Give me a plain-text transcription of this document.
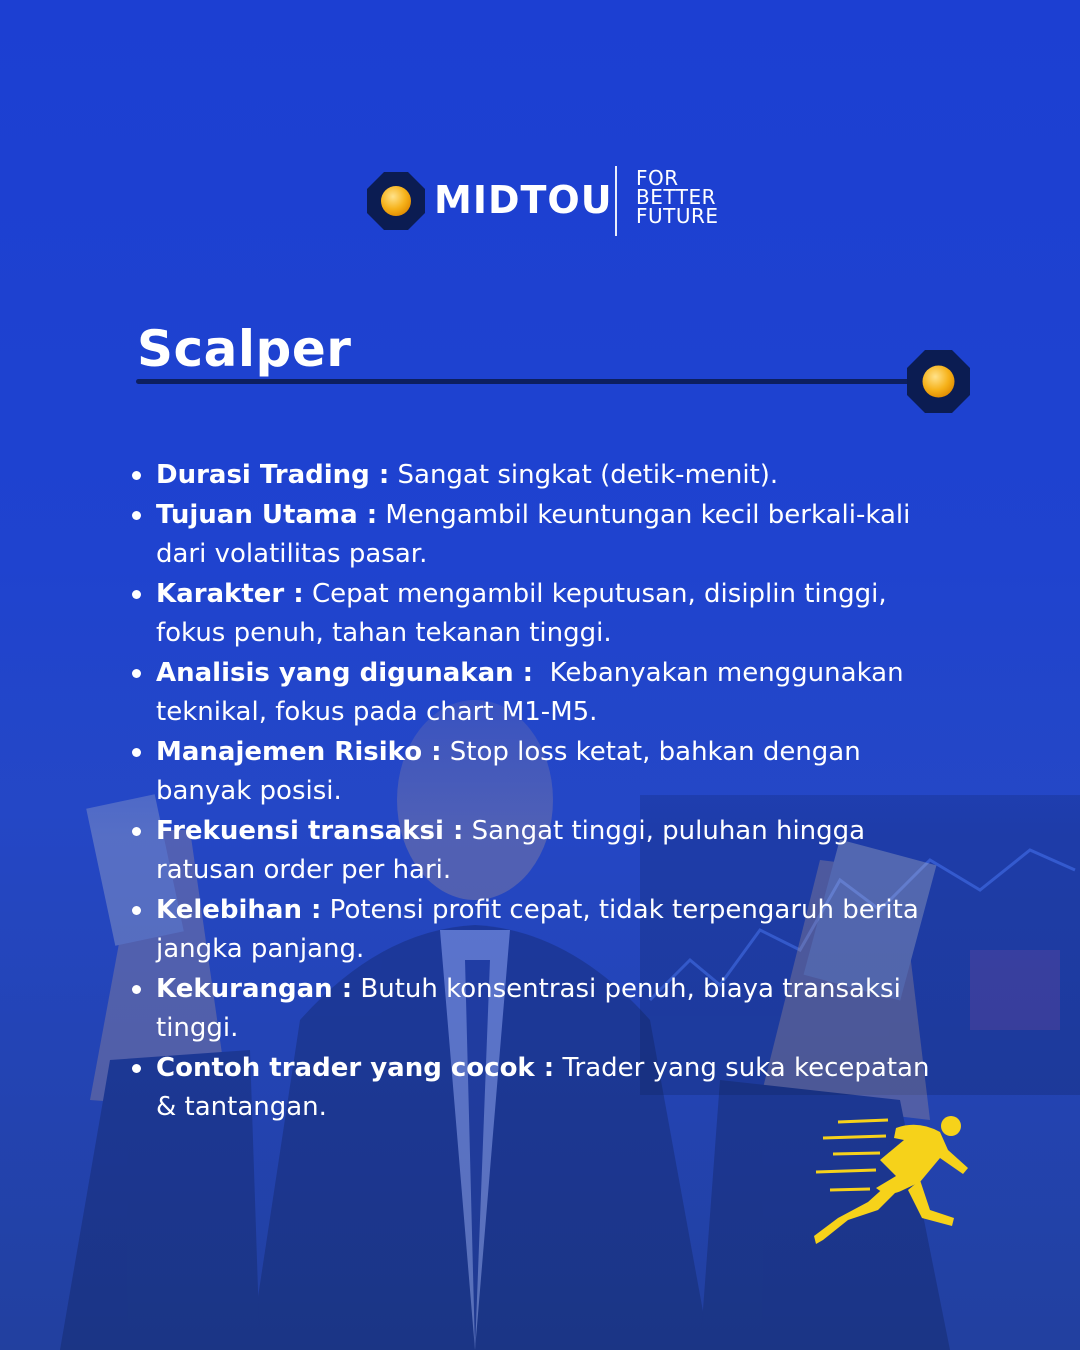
MIDTOU FOR
BETTER
FUTURE
Scalper
Durasi Trading : Sangat singkat (detik-menit).
Tujuan Utama : Mengambil keuntungan kecil berkali-kali dari volatilitas pasar.
Karakter : Cepat mengambil keputusan, disiplin tinggi, fokus penuh, tahan tekanan tinggi.
Analisis yang digunakan :  Kebanyakan menggunakan teknikal, fokus pada chart M1-M5.
Manajemen Risiko : Stop loss ketat, bahkan dengan banyak posisi.
Frekuensi transaksi : Sangat tinggi, puluhan hingga ratusan order per hari.
Kelebihan : Potensi profit cepat, tidak terpengaruh berita jangka panjang.
Kekurangan : Butuh konsentrasi penuh, biaya transaksi tinggi.
Contoh trader yang cocok : Trader yang suka kecepatan & tantangan.
